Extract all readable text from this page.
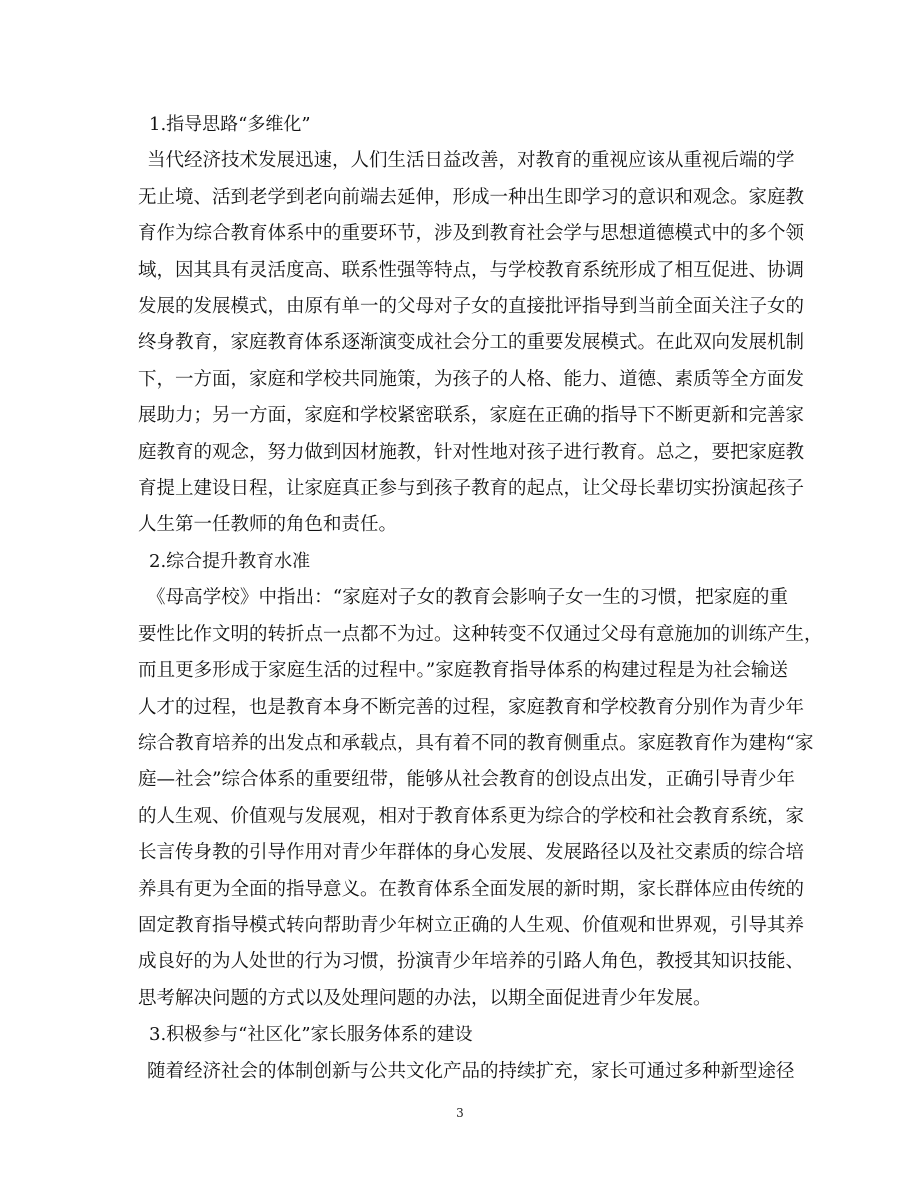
1.指导思路“多维化”

当代经济技术发展迅速，人们生活日益改善，对教育的重视应该从重视后端的学
无止境、活到老学到老向前端去延伸，形成一种出生即学习的意识和观念。家庭教
育作为综合教育体系中的重要环节，涉及到教育社会学与思想道德模式中的多个领
域，因其具有灵活度高、联系性强等特点，与学校教育系统形成了相互促进、协调
发展的发展模式，由原有单一的父母对子女的直接批评指导到当前全面关注子女的
终身教育，家庭教育体系逐渐演变成社会分工的重要发展模式。在此双向发展机制
下，一方面，家庭和学校共同施策，为孩子的人格、能力、道德、素质等全方面发
展助力；另一方面，家庭和学校紧密联系，家庭在正确的指导下不断更新和完善家
庭教育的观念，努力做到因材施教，针对性地对孩子进行教育。总之，要把家庭教
育提上建设日程，让家庭真正参与到孩子教育的起点，让父母长辈切实扮演起孩子
人生第一任教师的角色和责任。

2.综合提升教育水准

《母高学校》中指出：“家庭对子女的教育会影响子女一生的习惯，把家庭的重
要性比作文明的转折点一点都不为过。这种转变不仅通过父母有意施加的训练产生，
而且更多形成于家庭生活的过程中。”家庭教育指导体系的构建过程是为社会输送
人才的过程，也是教育本身不断完善的过程，家庭教育和学校教育分别作为青少年
综合教育培养的出发点和承载点，具有着不同的教育侧重点。家庭教育作为建构“家
庭—社会”综合体系的重要纽带，能够从社会教育的创设点出发，正确引导青少年
的人生观、价值观与发展观，相对于教育体系更为综合的学校和社会教育系统，家
长言传身教的引导作用对青少年群体的身心发展、发展路径以及社交素质的综合培
养具有更为全面的指导意义。在教育体系全面发展的新时期，家长群体应由传统的
固定教育指导模式转向帮助青少年树立正确的人生观、价值观和世界观，引导其养
成良好的为人处世的行为习惯，扮演青少年培养的引路人角色，教授其知识技能、
思考解决问题的方式以及处理问题的办法，以期全面促进青少年发展。

3.积极参与“社区化”家长服务体系的建设

随着经济社会的体制创新与公共文化产品的持续扩充，家长可通过多种新型途径

3
